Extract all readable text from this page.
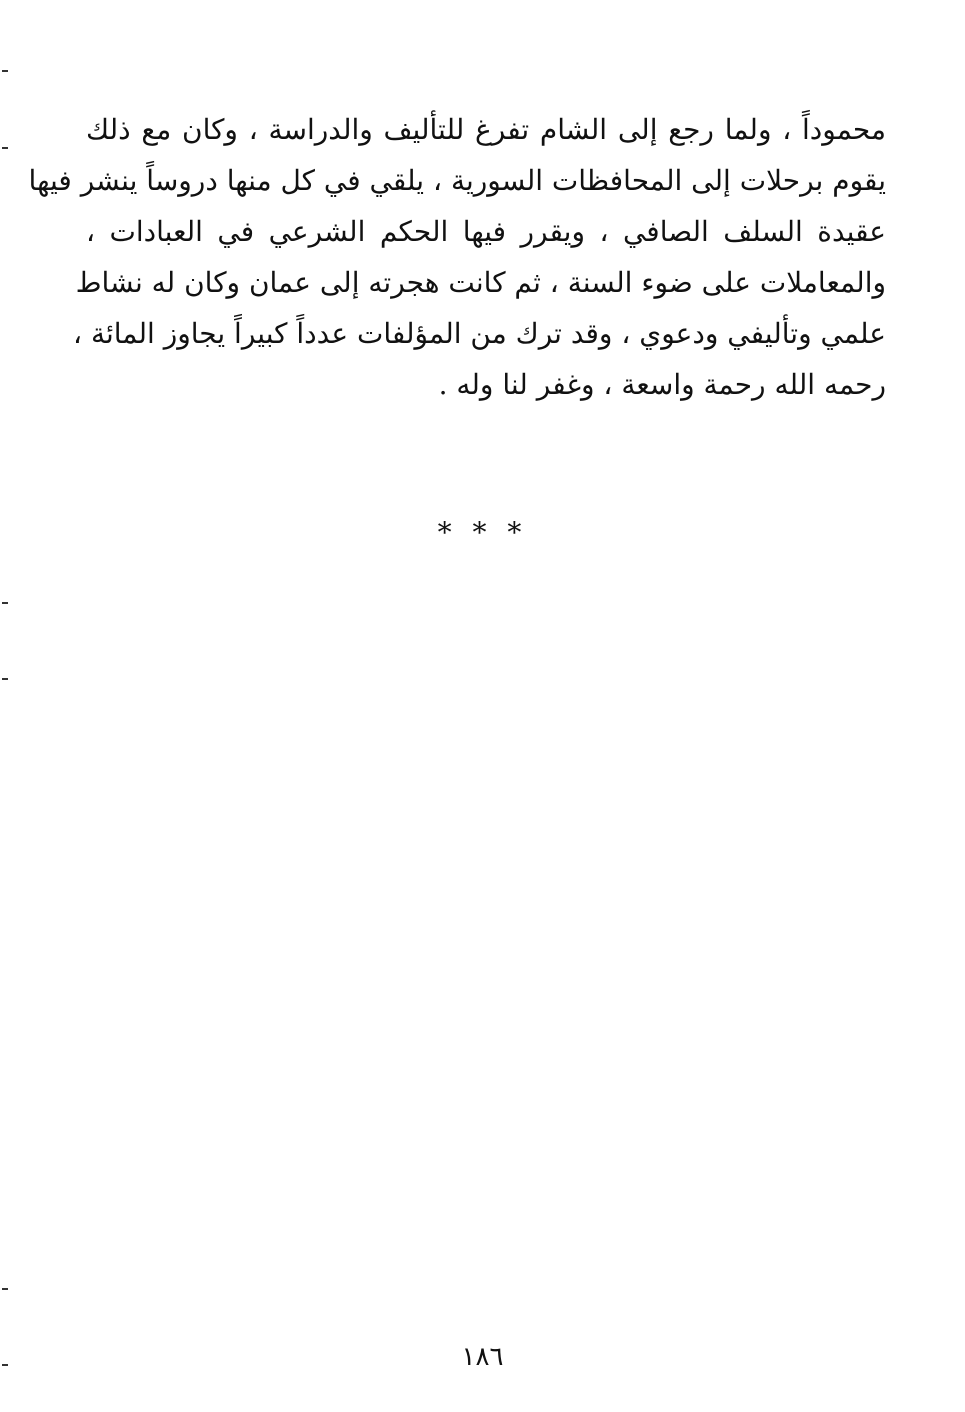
محموداً ، ولما رجع إلى الشام تفرغ للتأليف والدراسة ، وكان مع ذلك
يقوم برحلات إلى المحافظات السورية ، يلقي في كل منها دروساً ينشر فيها
عقيدة السلف الصافي ، ويقرر فيها الحكم الشرعي في العبادات ،
والمعاملات على ضوء السنة ، ثم كانت هجرته إلى عمان وكان له نشاط
علمي وتأليفي ودعوي ، وقد ترك من المؤلفات عدداً كبيراً يجاوز المائة ،
رحمه الله رحمة واسعة ، وغفر لنا وله .
* * *
١٨٦
